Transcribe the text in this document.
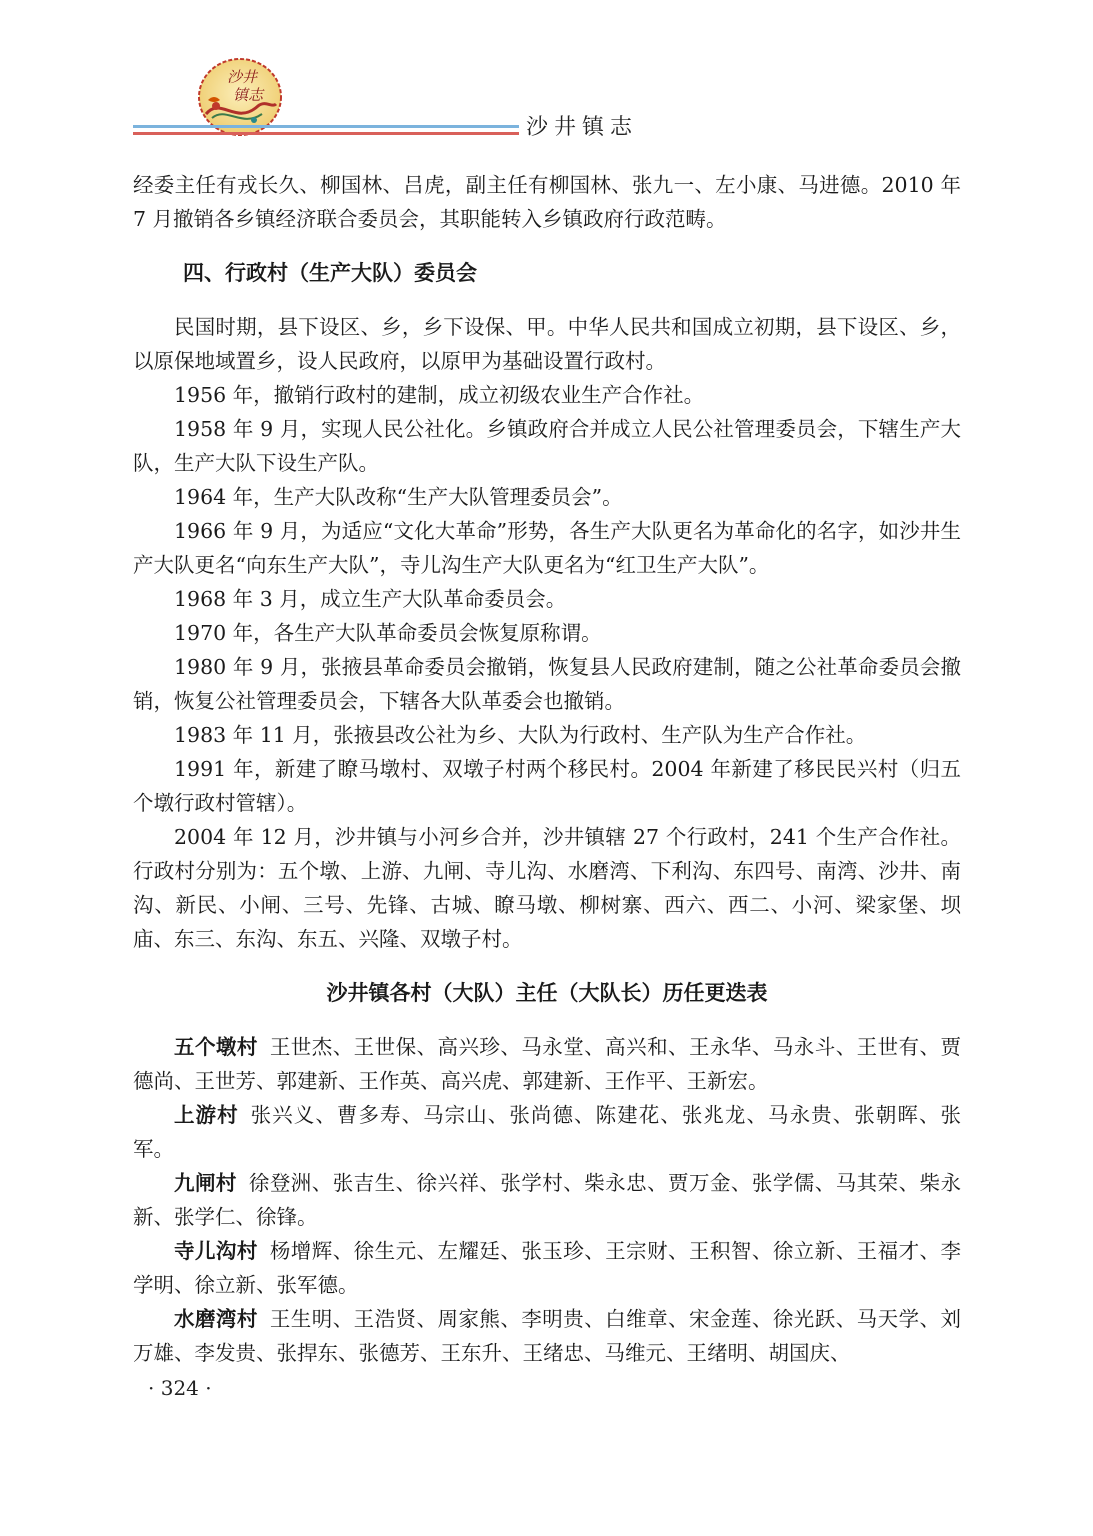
沙井
镇志
沙井镇志

经委主任有戎长久、柳国林、吕虎，副主任有柳国林、张九一、左小康、马进德。2010 年 7 月撤销各乡镇经济联合委员会，其职能转入乡镇政府行政范畴。

四、行政村（生产大队）委员会

民国时期，县下设区、乡，乡下设保、甲。中华人民共和国成立初期，县下设区、乡，以原保地域置乡，设人民政府，以原甲为基础设置行政村。

1956 年，撤销行政村的建制，成立初级农业生产合作社。

1958 年 9 月，实现人民公社化。乡镇政府合并成立人民公社管理委员会，下辖生产大队，生产大队下设生产队。

1964 年，生产大队改称“生产大队管理委员会”。

1966 年 9 月，为适应“文化大革命”形势，各生产大队更名为革命化的名字，如沙井生产大队更名“向东生产大队”，寺儿沟生产大队更名为“红卫生产大队”。

1968 年 3 月，成立生产大队革命委员会。

1970 年，各生产大队革命委员会恢复原称谓。

1980 年 9 月，张掖县革命委员会撤销，恢复县人民政府建制，随之公社革命委员会撤销，恢复公社管理委员会，下辖各大队革委会也撤销。

1983 年 11 月，张掖县改公社为乡、大队为行政村、生产队为生产合作社。

1991 年，新建了瞭马墩村、双墩子村两个移民村。2004 年新建了移民民兴村（归五个墩行政村管辖）。

2004 年 12 月，沙井镇与小河乡合并，沙井镇辖 27 个行政村，241 个生产合作社。行政村分别为：五个墩、上游、九闸、寺儿沟、水磨湾、下利沟、东四号、南湾、沙井、南沟、新民、小闸、三号、先锋、古城、瞭马墩、柳树寨、西六、西二、小河、梁家堡、坝庙、东三、东沟、东五、兴隆、双墩子村。

沙井镇各村（大队）主任（大队长）历任更迭表

五个墩村 王世杰、王世保、高兴珍、马永堂、高兴和、王永华、马永斗、王世有、贾德尚、王世芳、郭建新、王作英、高兴虎、郭建新、王作平、王新宏。

上游村 张兴义、曹多寿、马宗山、张尚德、陈建花、张兆龙、马永贵、张朝晖、张军。

九闸村 徐登洲、张吉生、徐兴祥、张学村、柴永忠、贾万金、张学儒、马其荣、柴永新、张学仁、徐锋。

寺儿沟村 杨增辉、徐生元、左耀廷、张玉珍、王宗财、王积智、徐立新、王福才、李学明、徐立新、张军德。

水磨湾村 王生明、王浩贤、周家熊、李明贵、白维章、宋金莲、徐光跃、马天学、刘万雄、李发贵、张捍东、张德芳、王东升、王绪忠、马维元、王绪明、胡国庆、

· 324 ·
